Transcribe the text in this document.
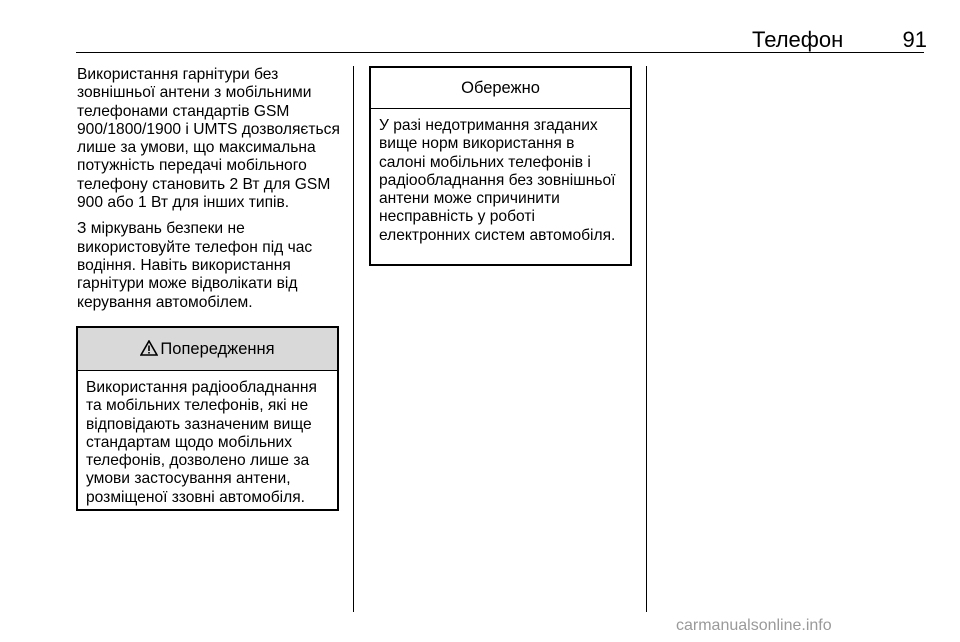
Телефон	91

Використання гарнітури без зовнішньої антени з мобільними телефонами стандартів GSM 900/1800/1900 і UMTS дозволяється лише за умови, що максимальна потужність передачі мобільного телефону становить 2 Вт для GSM 900 або 1 Вт для інших типів.

З міркувань безпеки не використовуйте телефон під час водіння. Навіть використання гарнітури може відволікати від керування автомобілем.

Попередження
Використання радіообладнання та мобільних телефонів, які не відповідають зазначеним вище стандартам щодо мобільних телефонів, дозволено лише за умови застосування антени, розміщеної ззовні автомобіля.
Обережно
У разі недотримання згаданих вище норм використання в салоні мобільних телефонів і радіообладнання без зовнішньої антени може спричинити несправність у роботі електронних систем автомобіля.
carmanualsonline.info
